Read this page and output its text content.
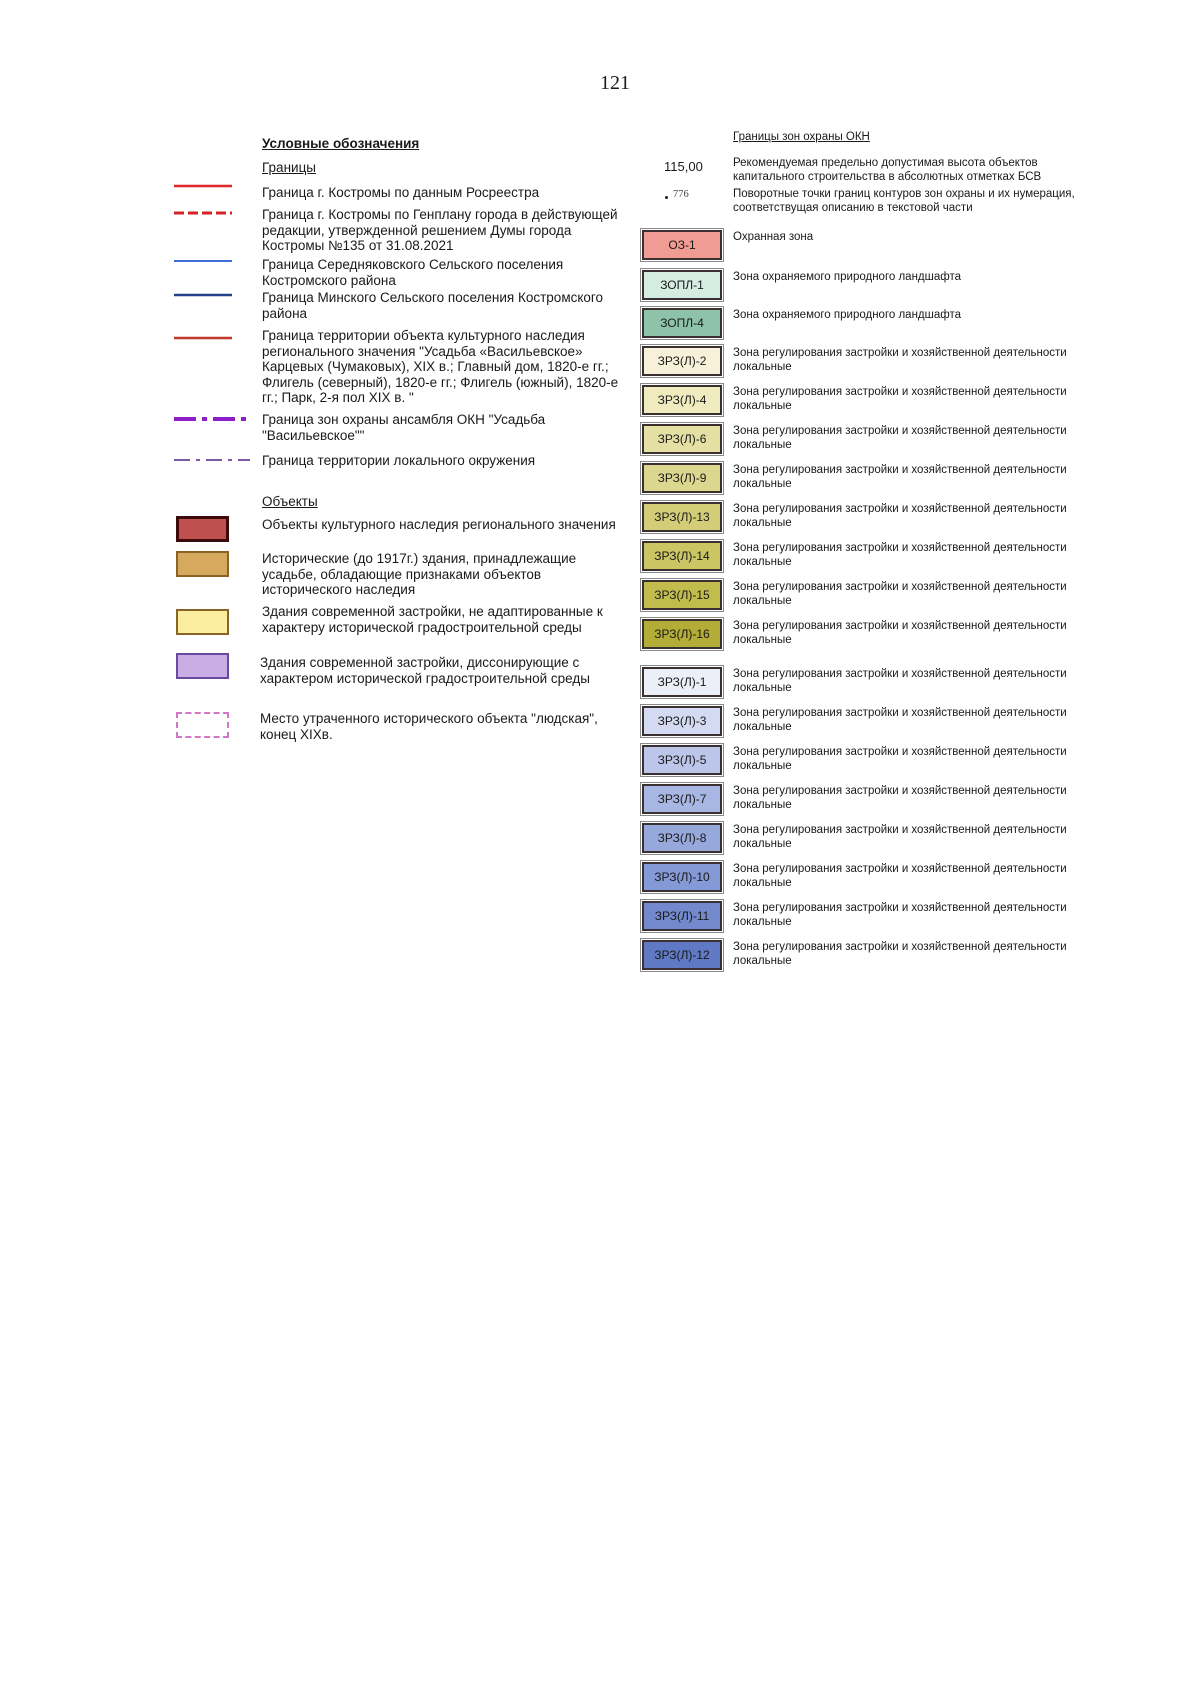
121
Условные обозначения
Границы
Граница г. Костромы по данным Росреестра
Граница г. Костромы по Генплану города в действующей редакции, утвержденной решением Думы города Костромы №135 от 31.08.2021
Граница Середняковского Сельского поселения Костромского района
Граница Минского Сельского поселения Костромского района
Граница территории объекта культурного наследия регионального значения "Усадьба «Васильевское» Карцевых (Чумаковых), XIX в.; Главный дом, 1820-е гг.; Флигель (северный), 1820-е гг.; Флигель (южный), 1820-е гг.; Парк, 2-я пол XIX в. "
Граница зон охраны ансамбля ОКН "Усадьба "Васильевское""
Граница территории локального окружения
Объекты
Объекты культурного наследия регионального значения
Исторические (до 1917г.) здания, принадлежащие усадьбе, обладающие признаками объектов исторического наследия
Здания современной застройки, не адаптированные к характеру исторической градостроительной среды
Здания современной застройки, диссонирующие с характером исторической градостроительной среды
Место утраченного исторического объекта "людская", конец XIXв.
Границы зон охраны ОКН
115,00	Рекомендуемая предельно допустимая высота объектов капитального строительства в абсолютных отметках БСВ
776	Поворотные точки границ контуров зон охраны и их нумерация, соответствущая описанию в текстовой части
ОЗ-1
Охранная зона
ЗОПЛ-1
Зона охраняемого природного ландшафта
ЗОПЛ-4
Зона охраняемого природного ландшафта
ЗРЗ(Л)-2
Зона регулирования застройки и хозяйственной деятельности локальные
ЗРЗ(Л)-4
Зона регулирования застройки и хозяйственной деятельности локальные
ЗРЗ(Л)-6
Зона регулирования застройки и хозяйственной деятельности локальные
ЗРЗ(Л)-9
Зона регулирования застройки и хозяйственной деятельности локальные
ЗРЗ(Л)-13
Зона регулирования застройки и хозяйственной деятельности локальные
ЗРЗ(Л)-14
Зона регулирования застройки и хозяйственной деятельности локальные
ЗРЗ(Л)-15
Зона регулирования застройки и хозяйственной деятельности локальные
ЗРЗ(Л)-16
Зона регулирования застройки и хозяйственной деятельности локальные
ЗРЗ(Л)-1
Зона регулирования застройки и хозяйственной деятельности локальные
ЗРЗ(Л)-3
Зона регулирования застройки и хозяйственной деятельности локальные
ЗРЗ(Л)-5
Зона регулирования застройки и хозяйственной деятельности локальные
ЗРЗ(Л)-7
Зона регулирования застройки и хозяйственной деятельности локальные
ЗРЗ(Л)-8
Зона регулирования застройки и хозяйственной деятельности локальные
ЗРЗ(Л)-10
Зона регулирования застройки и хозяйственной деятельности локальные
ЗРЗ(Л)-11
Зона регулирования застройки и хозяйственной деятельности локальные
ЗРЗ(Л)-12
Зона регулирования застройки и хозяйственной деятельности локальные
